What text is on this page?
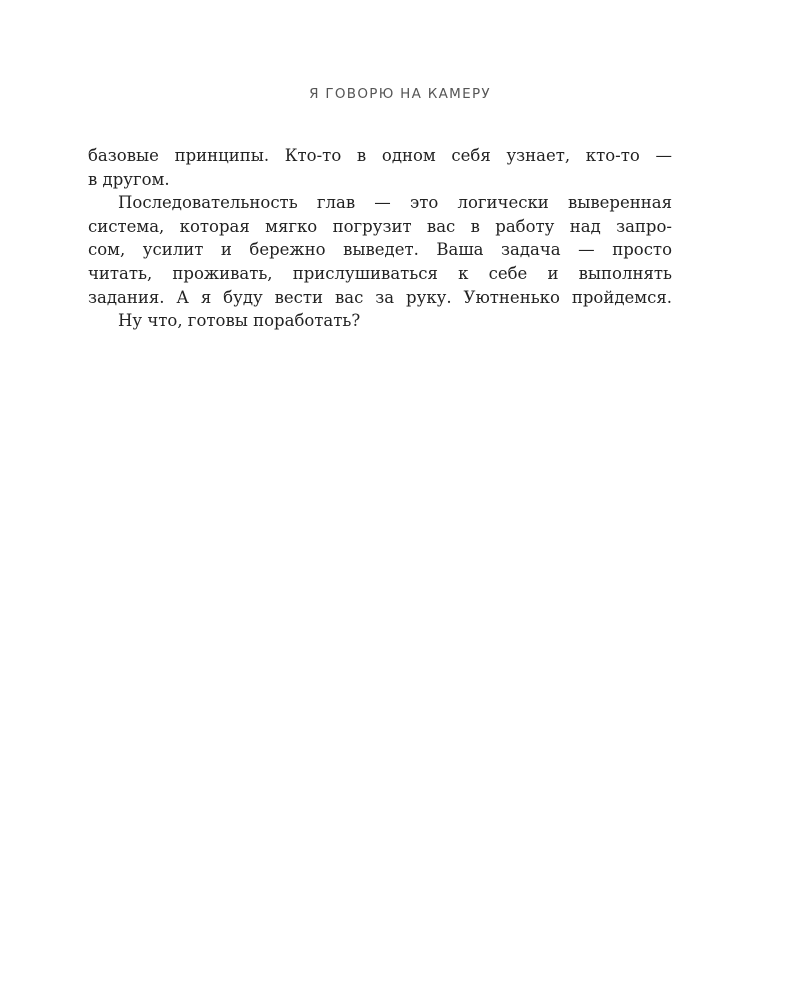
Я ГОВОРЮ НА КАМЕРУ
базовые принципы. Кто-то в одном себя узнает, кто-то —
в другом.
Последовательность глав — это логически выверенная
система, которая мягко погрузит вас в работу над запро-
сом, усилит и бережно выведет. Ваша задача — просто
читать, проживать, прислушиваться к себе и выполнять
задания. А я буду вести вас за руку. Уютненько пройдемся.
Ну что, готовы поработать?
